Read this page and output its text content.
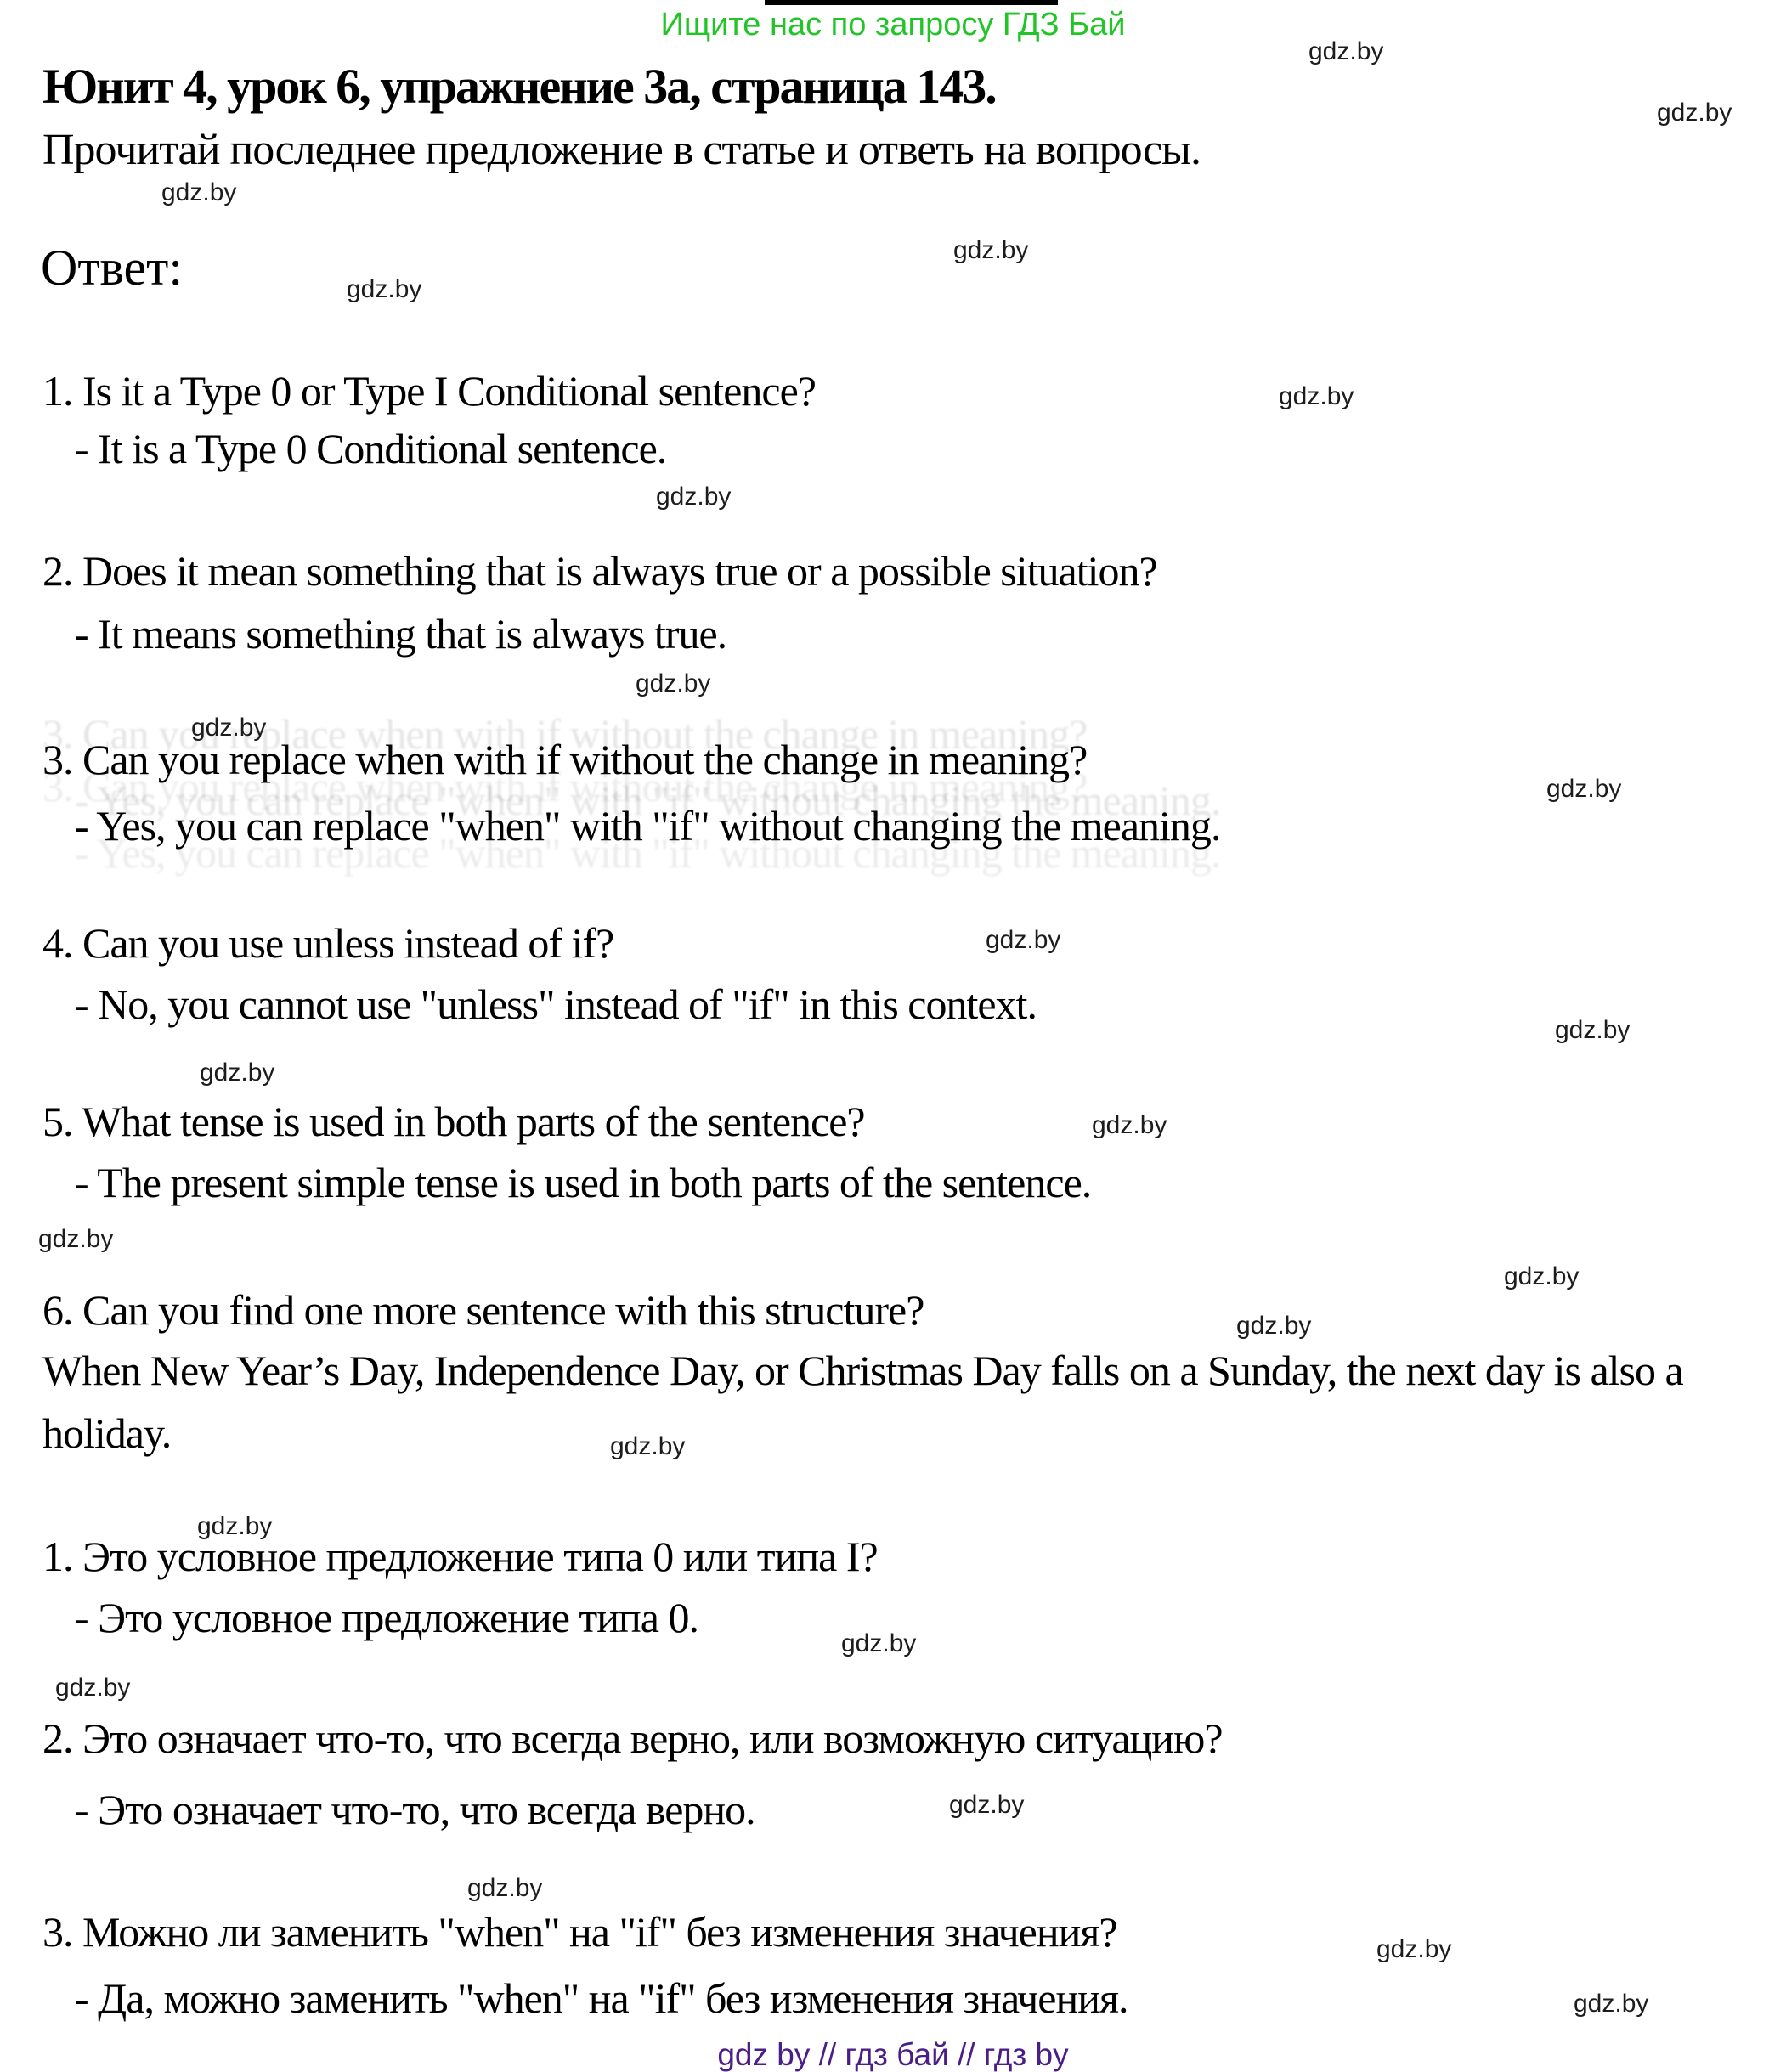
Ищите нас по запросу ГДЗ Бай
Юнит 4, урок 6, упражнение 3а, страница 143.
Прочитай последнее предложение в статье и ответь на вопросы.
Ответ:
1. Is it a Type 0 or Type I Conditional sentence?
- It is a Type 0 Conditional sentence.
2. Does it mean something that is always true or a possible situation?
- It means something that is always true.
3. Can you replace when with if without the change in meaning?
- Yes, you can replace "when" with "if" without changing the meaning.
4. Can you use unless instead of if?
- No, you cannot use "unless" instead of "if" in this context.
5. What tense is used in both parts of the sentence?
- The present simple tense is used in both parts of the sentence.
6. Can you find one more sentence with this structure?
When New Year’s Day, Independence Day, or Christmas Day falls on a Sunday, the next day is also a holiday.
1. Это условное предложение типа 0 или типа I?
- Это условное предложение типа 0.
2. Это означает что-то, что всегда верно, или возможную ситуацию?
- Это означает что-то, что всегда верно.
3. Можно ли заменить "when" на "if" без изменения значения?
- Да, можно заменить "when" на "if" без изменения значения.
gdz.by
gdz.by
gdz.by
gdz.by
gdz.by
gdz.by
gdz.by
gdz.by
gdz.by
gdz.by
gdz.by
gdz.by
gdz.by
gdz.by
gdz.by
gdz.by
gdz.by
gdz.by
gdz.by
gdz.by
gdz.by
gdz.by
gdz.by
gdz.by
gdz.by
gdz by // гдз бай // гдз by
